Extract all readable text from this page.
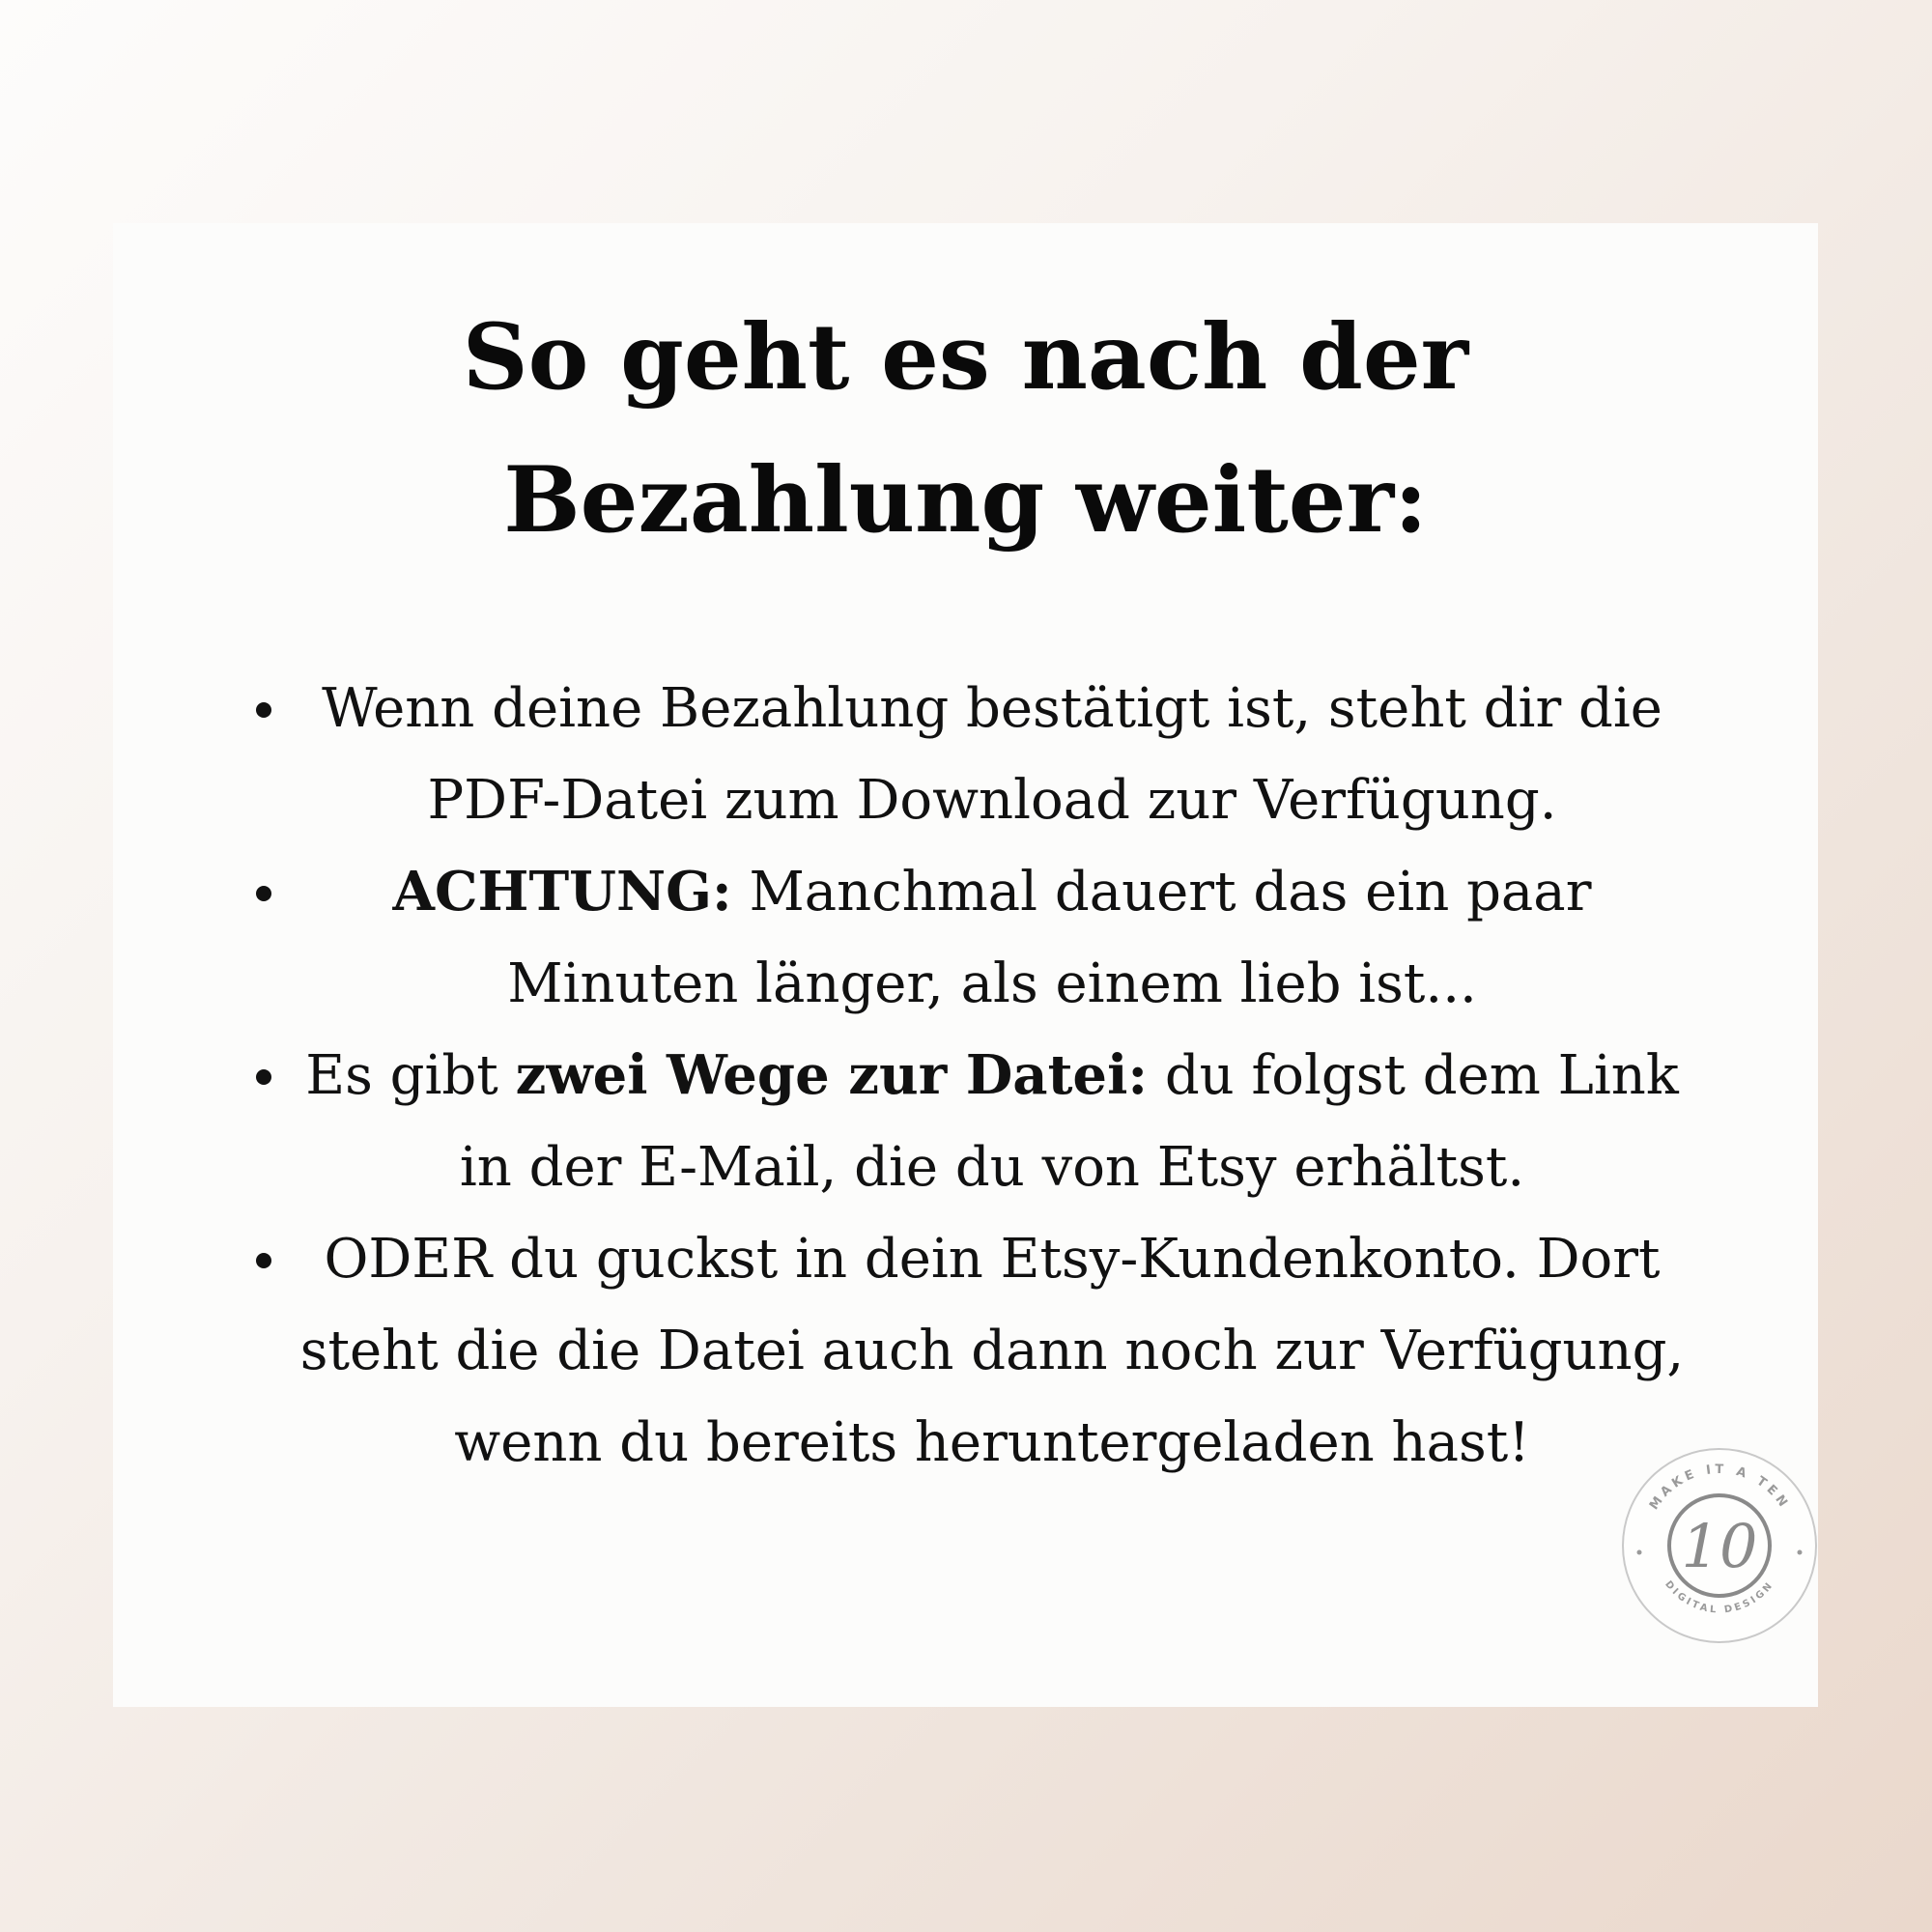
So geht es nach der
Bezahlung weiter:
Wenn deine Bezahlung bestätigt ist, steht dir die PDF-Datei zum Download zur Verfügung.
ACHTUNG: Manchmal dauert das ein paar Minuten länger, als einem lieb ist...
Es gibt zwei Wege zur Datei: du folgst dem Link in der E-Mail, die du von Etsy erhältst.
ODER du guckst in dein Etsy-Kundenkonto. Dort steht die die Datei auch dann noch zur Verfügung, wenn du bereits heruntergeladen hast!
MAKE IT A TEN
DIGITAL DESIGN
10
